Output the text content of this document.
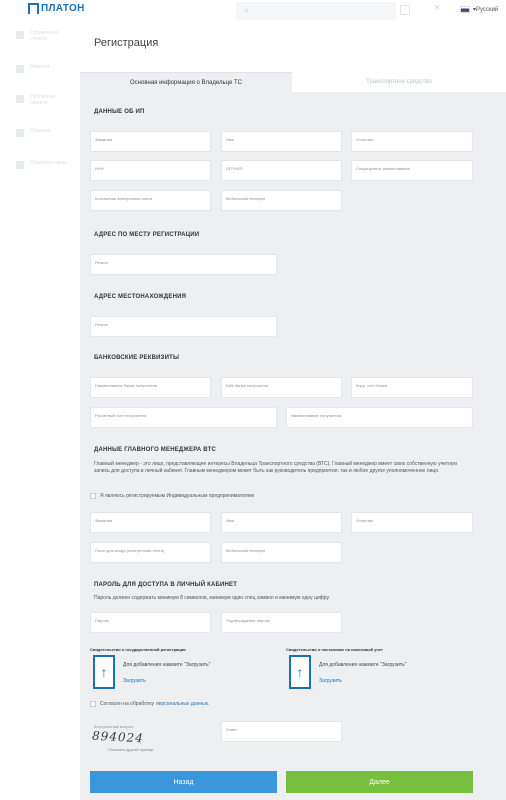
ПЛАТОН	⌕	×	▾ Русский
Справочная служба
Новости
Публичная оферта
Правила
Обратная связь
Регистрация
Основная информация о Владельце ТС	Транспортное средство
ДАННЫЕ ОБ ИП
Фамилия	Имя	Отчество
ИНН	ОГРНИП	Сокращенное наименование
Контактная электронная почта	Мобильный телефон
АДРЕС ПО МЕСТУ РЕГИСТРАЦИИ
Регион
АДРЕС МЕСТОНАХОЖДЕНИЯ
Регион
БАНКОВСКИЕ РЕКВИЗИТЫ
Наименование банка получателя	БИК банка получателя	Корр. счет банка
Расчетный счет получателя	Наименование получателя
ДАННЫЕ ГЛАВНОГО МЕНЕДЖЕРА ВТС
Главный менеджер - это лицо, представляющее интересы Владельца Транспортного средства (ВТС). Главный менеджер имеет свою собственную учетную запись для доступа в личный кабинет. Главным менеджером может быть как руководитель предприятия, так и любое другое уполномоченное лицо.
Я являюсь регистрируемым Индивидуальным предпринимателем
Фамилия	Имя	Отчество
Логин для входа (электронная почта)	Мобильный телефон
ПАРОЛЬ ДЛЯ ДОСТУПА В ЛИЧНЫЙ КАБИНЕТ
Пароль должен содержать минимум 8 символов, минимум один спец символ и минимум одну цифру.
Пароль	Подтверждение пароля
Свидетельство о государственной регистрации
↑	Для добавления нажмите "Загрузить"
Загрузить
Свидетельство о постановке на налоговый учет
↑	Для добавления нажмите "Загрузить"
Загрузить
Согласен на обработку персональных данных.
Контрольный вопрос:
894024
Показать другой пример
Ответ
Назад	Далее
